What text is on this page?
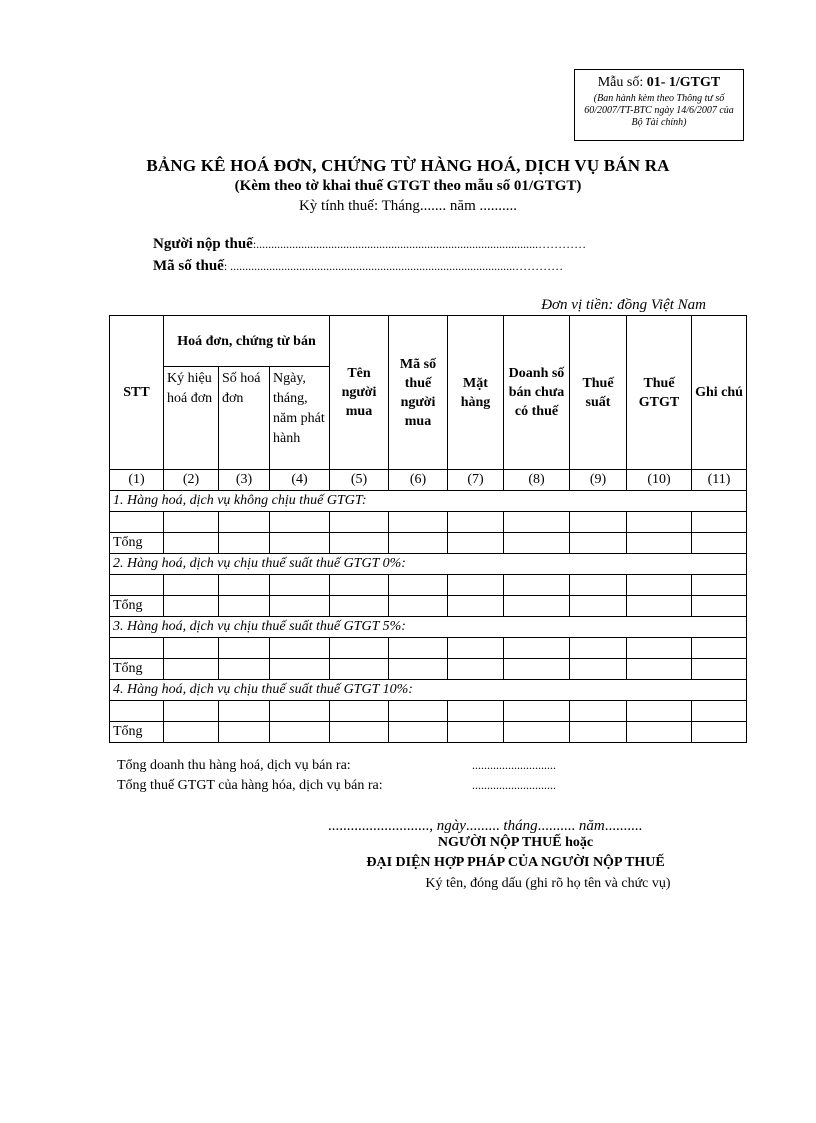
Mẫu số: 01- 1/GTGT
(Ban hành kèm theo Thông tư số 60/2007/TT-BTC ngày 14/6/2007 của Bộ Tài chính)
BẢNG KÊ HOÁ ĐƠN, CHỨNG TỪ HÀNG HOÁ, DỊCH VỤ BÁN RA
(Kèm theo tờ khai thuế GTGT theo mẫu số 01/GTGT)
Kỳ tính thuế: Tháng....... năm ..........
Người nộp thuế:..............................................................................................…………
Mã số thuế: ...............................................................................................…………
Đơn vị tiền: đồng Việt Nam
STT	Hoá đơn, chứng từ bán			Tên người mua	Mã số thuế người mua	Mặt hàng	Doanh số bán chưa có thuế	Thuế suất	Thuế GTGT	Ghi chú
	Ký hiệu hoá đơn	Số hoá đơn	Ngày, tháng, năm phát hành							
(1)	(2)	(3)	(4)	(5)	(6)	(7)	(8)	(9)	(10)	(11)
1. Hàng hoá, dịch vụ không chịu thuế GTGT:										

Tổng										
2. Hàng hoá, dịch vụ chịu thuế suất thuế GTGT 0%:										

Tổng										
3. Hàng hoá, dịch vụ chịu thuế suất thuế GTGT 5%:										

Tổng										
4. Hàng hoá, dịch vụ chịu thuế suất thuế GTGT 10%:										

Tổng										
Tổng doanh thu hàng hoá, dịch vụ bán ra:	............................
Tổng thuế GTGT của hàng hóa, dịch vụ bán ra:	............................
..........................., ngày......... tháng.......... năm..........
NGƯỜI NỘP THUẾ hoặc
ĐẠI DIỆN HỢP PHÁP CỦA NGƯỜI NỘP THUẾ
Ký tên, đóng dấu (ghi rõ họ tên và chức vụ)
